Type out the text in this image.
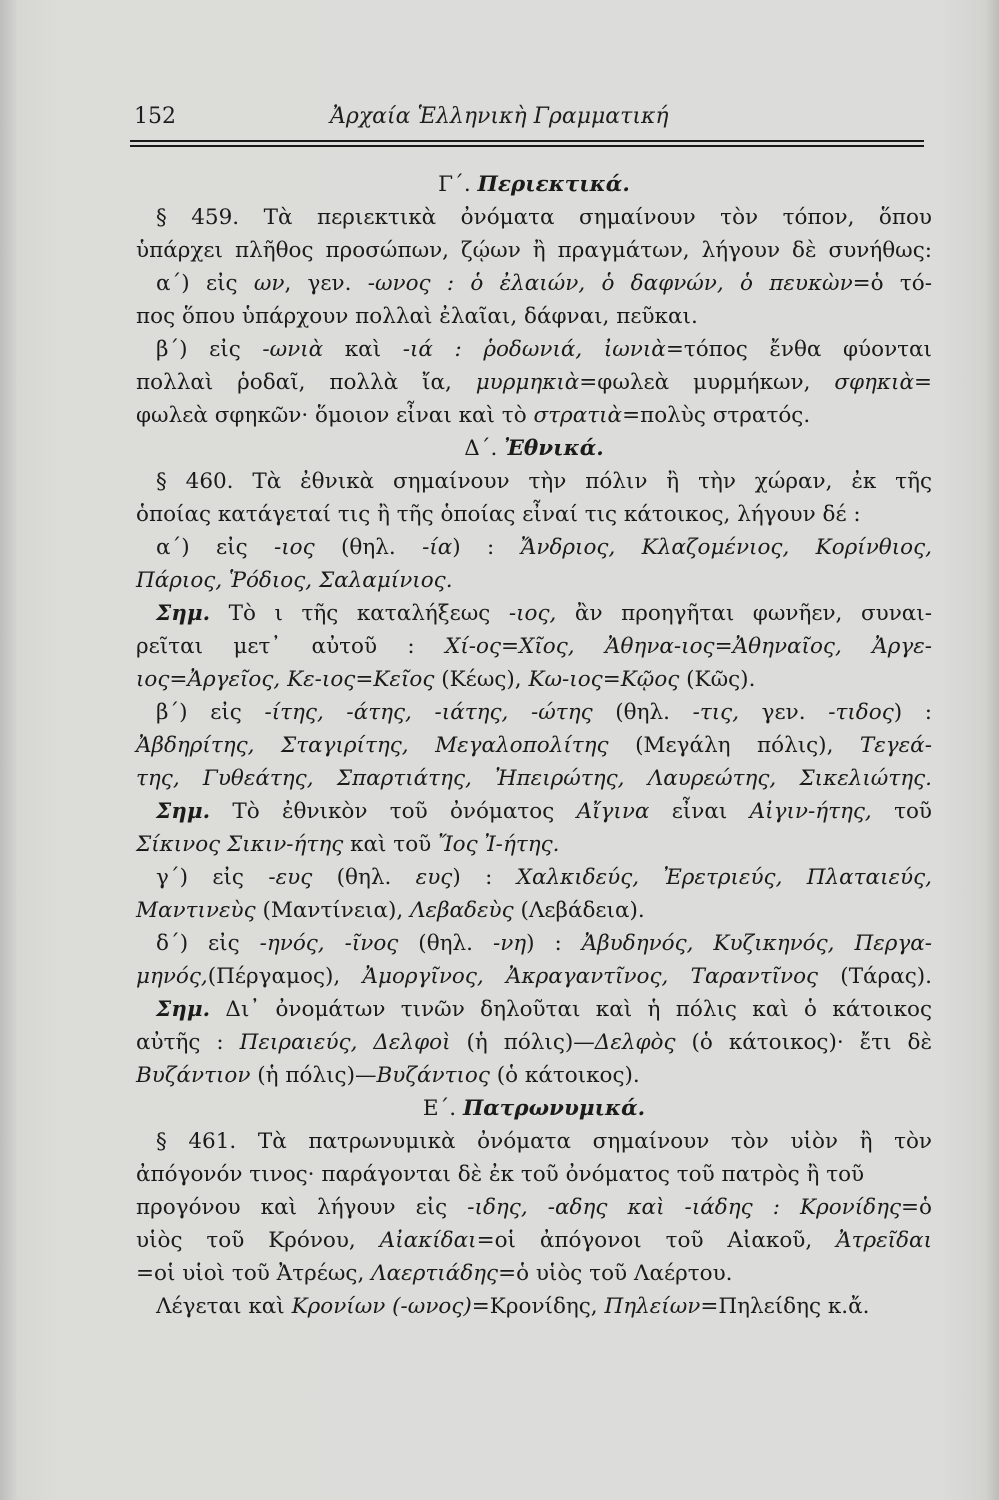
152	Ἀρχαία Ἑλληνικὴ Γραμματική
Γ΄. Περιεκτικά.
§ 459. Τὰ περιεκτικὰ ὀνόματα σημαίνουν τὸν τόπον, ὅπου
ὑπάρχει πλῆθος προσώπων, ζῴων ἢ πραγμάτων, λήγουν δὲ συνήθως:
α΄) εἰς ων, γεν. -ωνος : ὁ ἐλαιών, ὁ δαφνών, ὁ πευκὼν=ὁ τό-
πος ὅπου ὑπάρχουν πολλαὶ ἐλαῖαι, δάφναι, πεῦκαι.
β΄) εἰς -ωνιὰ καὶ -ιά : ῥοδωνιά, ἰωνιὰ=τόπος ἔνθα φύονται
πολλαὶ ῥοδαῖ, πολλὰ ἴα, μυρμηκιὰ=φωλεὰ μυρμήκων, σφηκιὰ=
φωλεὰ σφηκῶν· ὅμοιον εἶναι καὶ τὸ στρατιὰ=πολὺς στρατός.
Δ΄. Ἐθνικά.
§ 460. Τὰ ἐθνικὰ σημαίνουν τὴν πόλιν ἢ τὴν χώραν, ἐκ τῆς
ὁποίας κατάγεταί τις ἢ τῆς ὁποίας εἶναί τις κάτοικος, λήγουν δέ :
α΄) εἰς -ιος (θηλ. -ία) : Ἄνδριος, Κλαζομένιος, Κορίνθιος,
Πάριος, Ῥόδιος, Σαλαμίνιος.
Σημ. Τὸ ι τῆς καταλήξεως -ιος, ἂν προηγῆται φωνῆεν, συναι-
ρεῖται μετ᾽ αὐτοῦ : Χί-ος=Χῖος, Ἀθηνα-ιος=Ἀθηναῖος, Ἀργε-
ιος=Ἀργεῖος, Κε-ιος=Κεῖος (Κέως), Κω-ιος=Κῷος (Κῶς).
β΄) εἰς -ίτης, -άτης, -ιάτης, -ώτης (θηλ. -τις, γεν. -τιδος) :
Ἀβδηρίτης, Σταγιρίτης, Μεγαλοπολίτης (Μεγάλη πόλις), Τεγεά-
της, Γυθεάτης, Σπαρτιάτης, Ἠπειρώτης, Λαυρεώτης, Σικελιώτης.
Σημ. Τὸ ἐθνικὸν τοῦ ὀνόματος Αἴγινα εἶναι Αἰγιν-ήτης, τοῦ
Σίκινος Σικιν-ήτης καὶ τοῦ Ἴος Ἰ-ήτης.
γ΄) εἰς -ευς (θηλ. ευς) : Χαλκιδεύς, Ἐρετριεύς, Πλαταιεύς,
Μαντινεὺς (Μαντίνεια), Λεβαδεὺς (Λεβάδεια).
δ΄) εἰς -ηνός, -ῖνος (θηλ. -νη) : Ἀβυδηνός, Κυζικηνός, Περγα-
μηνός,(Πέργαμος), Ἀμοργῖνος, Ἀκραγαντῖνος, Ταραντῖνος (Τάρας).
Σημ. Δι᾽ ὀνομάτων τινῶν δηλοῦται καὶ ἡ πόλις καὶ ὁ κάτοικος
αὐτῆς : Πειραιεύς, Δελφοὶ (ἡ πόλις)—Δελφὸς (ὁ κάτοικος)· ἔτι δὲ
Βυζάντιον (ἡ πόλις)—Βυζάντιος (ὁ κάτοικος).
Ε΄. Πατρωνυμικά.
§ 461. Τὰ πατρωνυμικὰ ὀνόματα σημαίνουν τὸν υἱὸν ἢ τὸν
ἀπόγονόν τινος· παράγονται δὲ ἐκ τοῦ ὀνόματος τοῦ πατρὸς ἢ τοῦ
προγόνου καὶ λήγουν εἰς -ιδης, -αδης καὶ -ιάδης : Κρονίδης=ὁ
υἱὸς τοῦ Κρόνου, Αἰακίδαι=οἱ ἀπόγονοι τοῦ Αἰακοῦ, Ἀτρεῖδαι
=οἱ υἱοὶ τοῦ Ἀτρέως, Λαερτιάδης=ὁ υἱὸς τοῦ Λαέρτου.
Λέγεται καὶ Κρονίων (-ωνος)=Κρονίδης, Πηλείων=Πηλείδης κ.ἄ.
